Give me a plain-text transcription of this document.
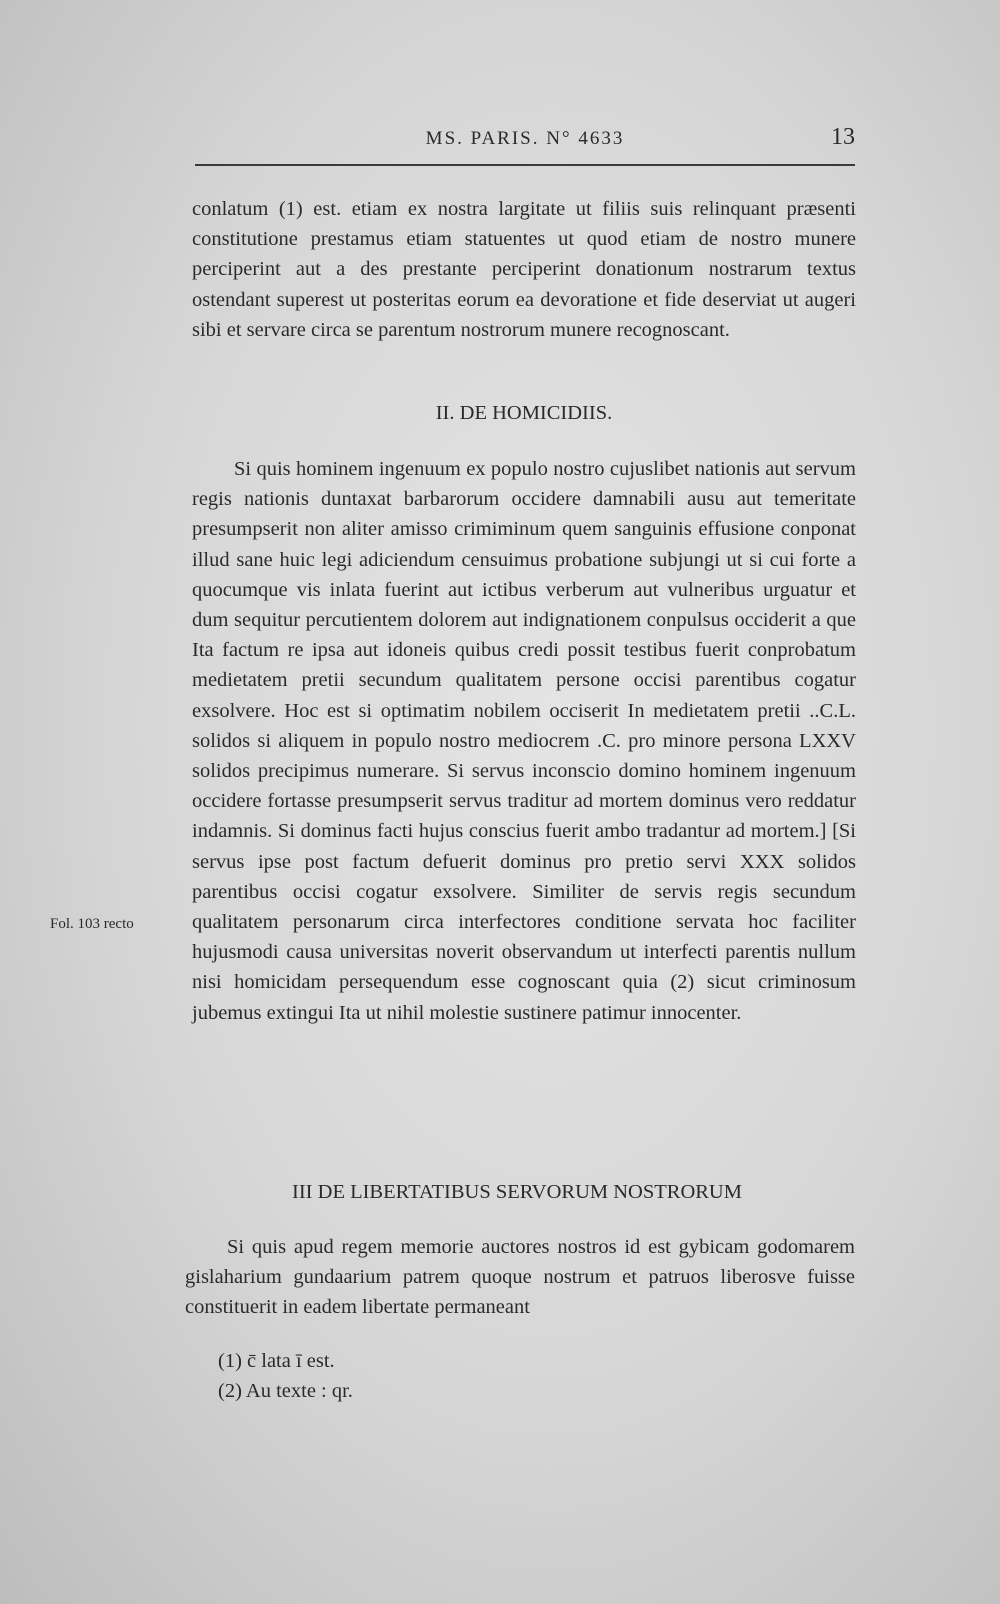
MS. PARIS. N° 4633	13

conlatum (1) est. etiam ex nostra largitate ut filiis suis relinquant præsenti constitutione prestamus etiam statuentes ut quod etiam de nostro munere perciperint aut a des prestante perciperint donationum nostrarum textus ostendant superest ut posteritas eorum ea devoratione et fide deserviat ut augeri sibi et servare circa se parentum nostrorum munere recognoscant.

II. DE HOMICIDIIS.

Si quis hominem ingenuum ex populo nostro cujuslibet nationis aut servum regis nationis duntaxat barbarorum occidere damnabili ausu aut temeritate presumpserit non aliter amisso crimiminum quem sanguinis effusione conponat illud sane huic legi adiciendum censuimus probatione subjungi ut si cui forte a quocumque vis inlata fuerint aut ictibus verberum aut vulneribus urguatur et dum sequitur percutientem dolorem aut indignationem conpulsus occiderit a que Ita factum re ipsa aut idoneis quibus credi possit testibus fuerit conprobatum medietatem pretii secundum qualitatem persone occisi parentibus cogatur exsolvere. Hoc est si optimatim nobilem occiserit In medietatem pretii ..C.L. solidos si aliquem in populo nostro mediocrem .C. pro minore persona LXXV solidos precipimus numerare. Si servus inconscio domino hominem ingenuum occidere fortasse presumpserit servus traditur ad mortem dominus vero reddatur indamnis. Si dominus facti hujus conscius fuerit ambo tradantur ad mortem.] [Si servus ipse post factum defuerit dominus pro pretio servi XXX solidos parentibus occisi cogatur exsolvere. Similiter de servis regis secundum qualitatem personarum circa interfectores conditione servata hoc faciliter hujusmodi causa universitas noverit observandum ut interfecti parentis nullum nisi homicidam persequendum esse cognoscant quia (2) sicut criminosum jubemus extingui Ita ut nihil molestie sustinere patimur innocenter.

Fol. 103 recto
III DE LIBERTATIBUS SERVORUM NOSTRORUM

Si quis apud regem memorie auctores nostros id est gybicam godomarem gislaharium gundaarium patrem quoque nostrum et patruos liberosve fuisse constituerit in eadem libertate permaneant

(1) c̄ lata ī est.
(2) Au texte : qr.
